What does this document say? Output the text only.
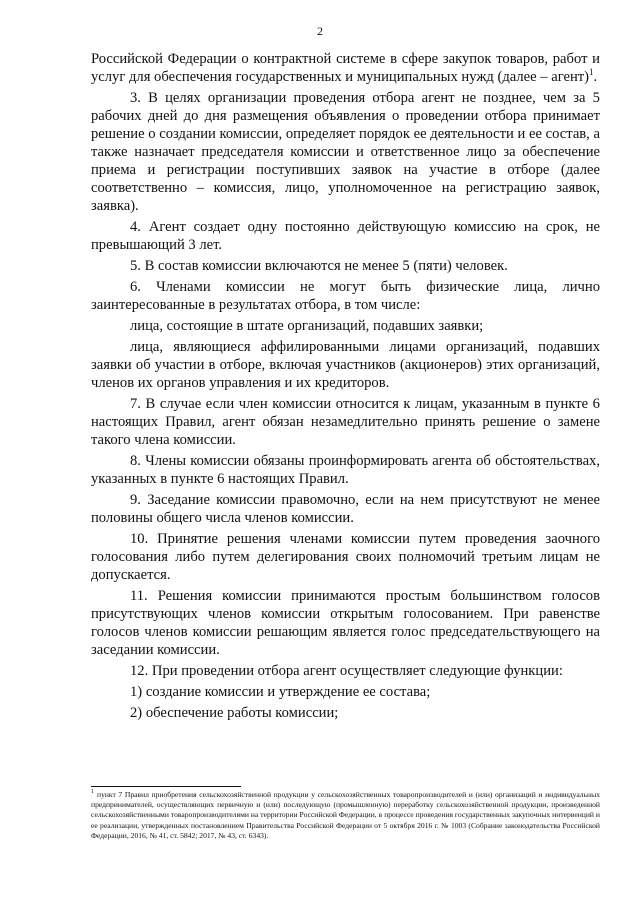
2

Российской Федерации о контрактной системе в сфере закупок товаров, работ и услуг для обеспечения государственных и муниципальных нужд (далее – агент)$^1$.

3. В целях организации проведения отбора агент не позднее, чем за 5 рабочих дней до дня размещения объявления о проведении отбора принимает решение о создании комиссии, определяет порядок ее деятельности и ее состав, а также назначает председателя комиссии и ответственное лицо за обеспечение приема и регистрации поступивших заявок на участие в отборе (далее соответственно – комиссия, лицо, уполномоченное на регистрацию заявок, заявка).

4. Агент создает одну постоянно действующую комиссию на срок, не превышающий 3 лет.

5. В состав комиссии включаются не менее 5 (пяти) человек.

6. Членами комиссии не могут быть физические лица, лично заинтересованные в результатах отбора, в том числе:

лица, состоящие в штате организаций, подавших заявки;

лица, являющиеся аффилированными лицами организаций, подавших заявки об участии в отборе, включая участников (акционеров) этих организаций, членов их органов управления и их кредиторов.

7. В случае если член комиссии относится к лицам, указанным в пункте 6 настоящих Правил, агент обязан незамедлительно принять решение о замене такого члена комиссии.

8. Члены комиссии обязаны проинформировать агента об обстоятельствах, указанных в пункте 6 настоящих Правил.

9. Заседание комиссии правомочно, если на нем присутствуют не менее половины общего числа членов комиссии.

10. Принятие решения членами комиссии путем проведения заочного голосования либо путем делегирования своих полномочий третьим лицам не допускается.

11. Решения комиссии принимаются простым большинством голосов присутствующих членов комиссии открытым голосованием. При равенстве голосов членов комиссии решающим является голос председательствующего на заседании комиссии.

12. При проведении отбора агент осуществляет следующие функции:

1) создание комиссии и утверждение ее состава;

2) обеспечение работы комиссии;

$^1$ пункт 7 Правил приобретения сельскохозяйственной продукции у сельскохозяйственных товаропроизводителей и (или) организаций и индивидуальных предпринимателей, осуществляющих первичную и (или) последующую (промышленную) переработку сельскохозяйственной продукции, произведенной сельскохозяйственными товаропроизводителями на территории Российской Федерации, в процессе проведения государственных закупочных интервенций и ее реализации, утвержденных постановлением Правительства Российской Федерации от 5 октября 2016 г. № 1003 (Собрание законодательства Российской Федерации, 2016, № 41, ст. 5842; 2017, № 43, ст. 6343).
